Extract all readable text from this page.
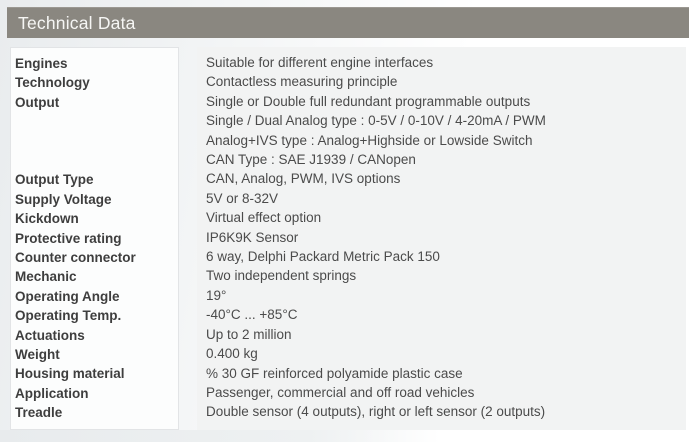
Technical Data
Engines
Technology
Output
Output Type
Supply Voltage
Kickdown
Protective rating
Counter connector
Mechanic
Operating Angle
Operating Temp.
Actuations
Weight
Housing material
Application
Treadle
Suitable for different engine interfaces
Contactless measuring principle
Single or Double full redundant programmable outputs
Single / Dual Analog type : 0-5V / 0-10V / 4-20mA / PWM
Analog+IVS type : Analog+Highside or Lowside Switch
CAN Type : SAE J1939 / CANopen
CAN, Analog, PWM, IVS options
5V or 8-32V
Virtual effect option
IP6K9K Sensor
6 way, Delphi Packard Metric Pack 150
Two independent springs
19°
-40°C ... +85°C
Up to 2 million
0.400 kg
% 30 GF reinforced polyamide plastic case
Passenger, commercial and off road vehicles
Double sensor (4 outputs), right or left sensor (2 outputs)
